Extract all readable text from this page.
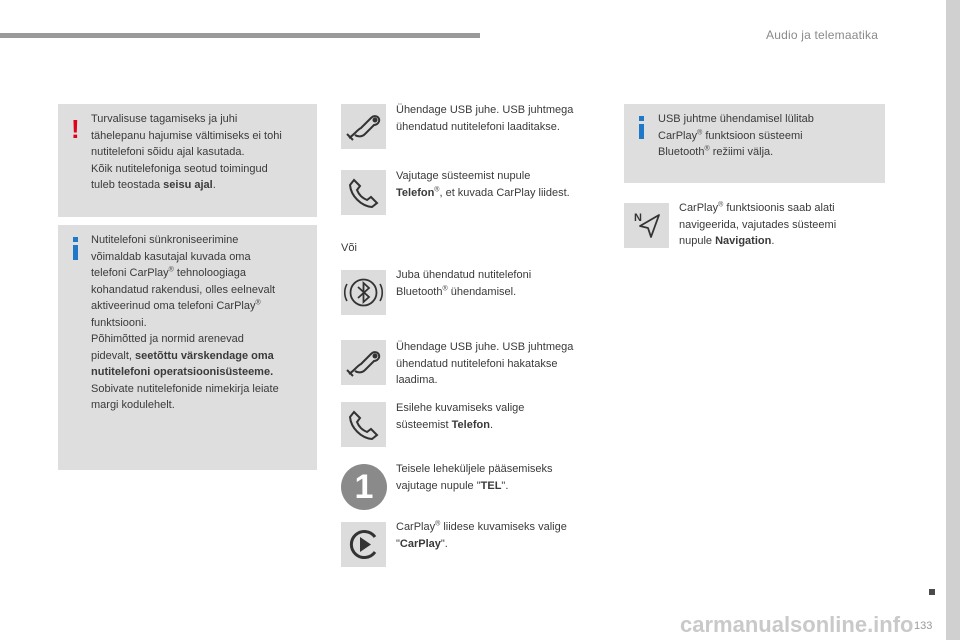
Audio ja telemaatika
! Turvalisuse tagamiseks ja juhi
tähelepanu hajumise vältimiseks ei tohi
nutitelefoni sõidu ajal kasutada.
Kõik nutitelefoniga seotud toimingud
tuleb teostada seisu ajal.
Nutitelefoni sünkroniseerimine
võimaldab kasutajal kuvada oma
telefoni CarPlay® tehnoloogiaga
kohandatud rakendusi, olles eelnevalt
aktiveerinud oma telefoni CarPlay®
funktsiooni.
Põhimõtted ja normid arenevad
pidevalt, seetõttu värskendage oma
nutitelefoni operatsioonisüsteeme.
Sobivate nutitelefonide nimekirja leiate
margi kodulehelt.
Või
1
Ühendage USB juhe. USB juhtmega
ühendatud nutitelefoni laaditakse.
Vajutage süsteemist nupule
Telefon®, et kuvada CarPlay liidest.
Juba ühendatud nutitelefoni
Bluetooth® ühendamisel.
Ühendage USB juhe. USB juhtmega
ühendatud nutitelefoni hakatakse
laadima.
Esilehe kuvamiseks valige
süsteemist Telefon.
Teisele leheküljele pääsemiseks
vajutage nupule "TEL".
CarPlay® liidese kuvamiseks valige
"CarPlay".
USB juhtme ühendamisel lülitab
CarPlay® funktsioon süsteemi
Bluetooth® režiimi välja.
N
CarPlay® funktsioonis saab alati
navigeerida, vajutades süsteemi
nupule Navigation.
carmanualsonline.info 133
